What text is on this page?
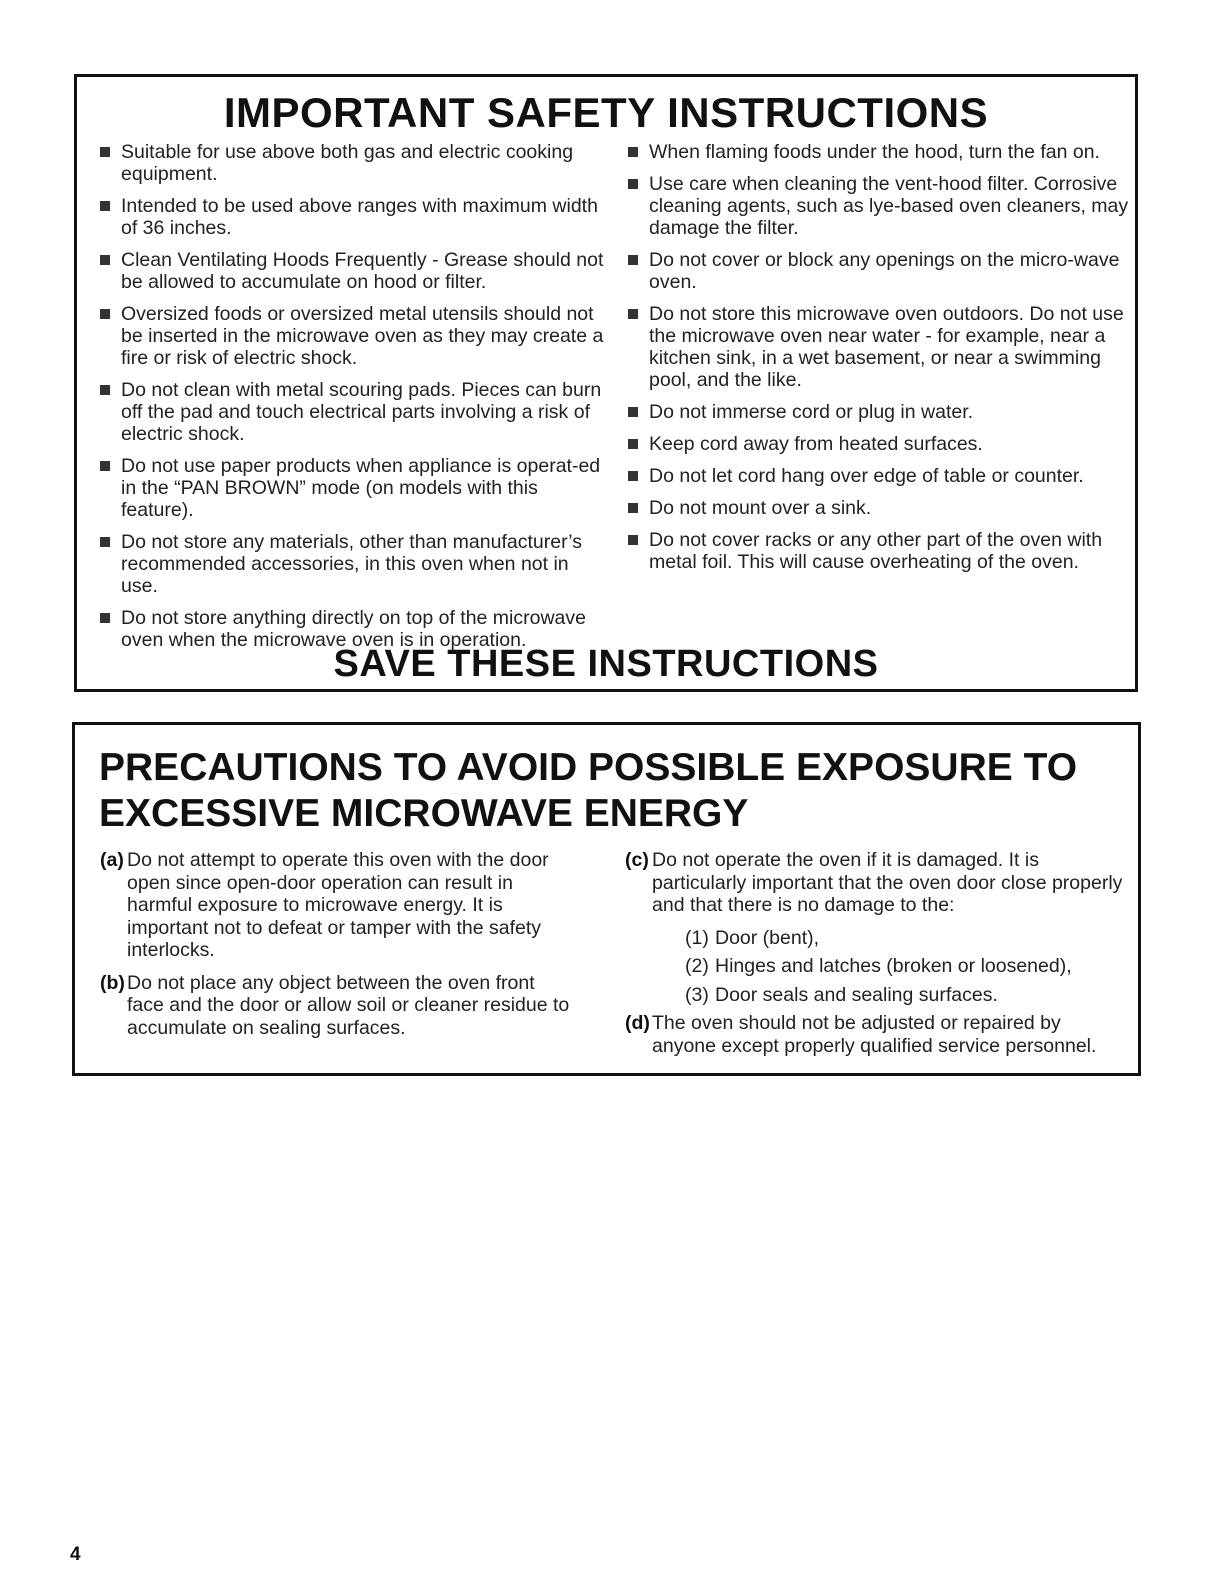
IMPORTANT SAFETY INSTRUCTIONS
Suitable for use above both gas and electric cooking equipment.
Intended to be used above ranges with maximum width of 36 inches.
Clean Ventilating Hoods Frequently - Grease should not be allowed to accumulate on hood or filter.
Oversized foods or oversized metal utensils should not be inserted in the microwave oven as they may create a fire or risk of electric shock.
Do not clean with metal scouring pads. Pieces can burn off the pad and touch electrical parts involving a risk of electric shock.
Do not use paper products when appliance is operat-ed in the “PAN BROWN” mode (on models with this feature).
Do not store any materials, other than manufacturer’s recommended accessories, in this oven when not in use.
Do not store anything directly on top of the microwave oven when the microwave oven is in operation.
When flaming foods under the hood, turn the fan on.
Use care when cleaning the vent-hood filter. Corrosive cleaning agents, such as lye-based oven cleaners, may damage the filter.
Do not cover or block any openings on the micro-wave oven.
Do not store this microwave oven outdoors. Do not use the microwave oven near water - for example, near a kitchen sink, in a wet basement, or near a swimming pool, and the like.
Do not immerse cord or plug in water.
Keep cord away from heated surfaces.
Do not let cord hang over edge of table or counter.
Do not mount over a sink.
Do not cover racks or any other part of the oven with metal foil. This will cause overheating of the oven.
SAVE THESE INSTRUCTIONS
PRECAUTIONS TO AVOID POSSIBLE EXPOSURE TO EXCESSIVE MICROWAVE ENERGY
(a) Do not attempt to operate this oven with the door open since open-door operation can result in harmful exposure to microwave energy. It is important not to defeat or tamper with the safety interlocks.
(b) Do not place any object between the oven front face and the door or allow soil or cleaner residue to accumulate on sealing surfaces.
(c) Do not operate the oven if it is damaged. It is particularly important that the oven door close properly and that there is no damage to the:
(1) Door (bent),
(2) Hinges and latches (broken or loosened),
(3) Door seals and sealing surfaces.
(d) The oven should not be adjusted or repaired by anyone except properly qualified service personnel.
4
